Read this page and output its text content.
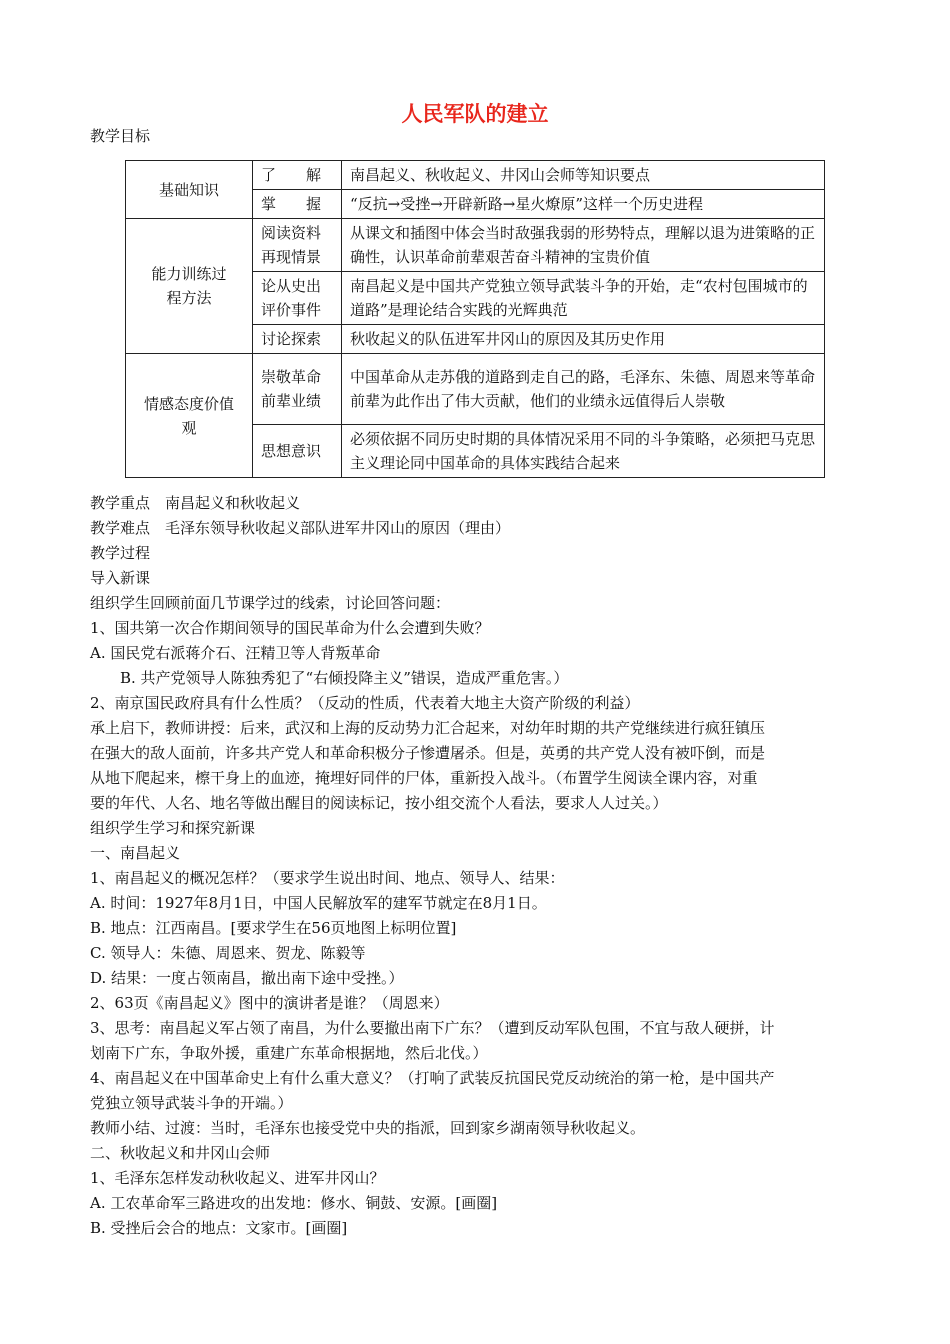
人民军队的建立
教学目标
基础知识	了　　解	南昌起义、秋收起义、井冈山会师等知识要点
	掌　　握	“反抗→受挫→开辟新路→星火燎原”这样一个历史进程
能力训练过程方法	阅读资料再现情景	从课文和插图中体会当时敌强我弱的形势特点，理解以退为进策略的正确性，认识革命前辈艰苦奋斗精神的宝贵价值
	论从史出评价事件	南昌起义是中国共产党独立领导武装斗争的开始，走“农村包围城市的道路”是理论结合实践的光辉典范
	讨论探索	秋收起义的队伍进军井冈山的原因及其历史作用
情感态度价值观	崇敬革命前辈业绩	中国革命从走苏俄的道路到走自己的路，毛泽东、朱德、周恩来等革命前辈为此作出了伟大贡献，他们的业绩永远值得后人崇敬
	思想意识	必须依据不同历史时期的具体情况采用不同的斗争策略，必须把马克思主义理论同中国革命的具体实践结合起来
教学重点　南昌起义和秋收起义
教学难点　毛泽东领导秋收起义部队进军井冈山的原因（理由）
教学过程
导入新课
组织学生回顾前面几节课学过的线索，讨论回答问题：
1、国共第一次合作期间领导的国民革命为什么会遭到失败？
A. 国民党右派蒋介石、汪精卫等人背叛革命
B. 共产党领导人陈独秀犯了“右倾投降主义”错误，造成严重危害。）
2、南京国民政府具有什么性质？（反动的性质，代表着大地主大资产阶级的利益）
承上启下，教师讲授：后来，武汉和上海的反动势力汇合起来，对幼年时期的共产党继续进行疯狂镇压
在强大的敌人面前，许多共产党人和革命积极分子惨遭屠杀。但是，英勇的共产党人没有被吓倒，而是
从地下爬起来，檫干身上的血迹，掩埋好同伴的尸体，重新投入战斗。（布置学生阅读全课内容，对重
要的年代、人名、地名等做出醒目的阅读标记，按小组交流个人看法，要求人人过关。）
组织学生学习和探究新课
一、南昌起义
1、南昌起义的概况怎样？（要求学生说出时间、地点、领导人、结果：
A. 时间：1927年8月1日，中国人民解放军的建军节就定在8月1日。
B. 地点：江西南昌。[要求学生在56页地图上标明位置]
C. 领导人：朱德、周恩来、贺龙、陈毅等
D. 结果：一度占领南昌，撤出南下途中受挫。）
2、63页《南昌起义》图中的演讲者是谁？（周恩来）
3、思考：南昌起义军占领了南昌，为什么要撤出南下广东？（遭到反动军队包围，不宜与敌人硬拼，计
划南下广东，争取外援，重建广东革命根据地，然后北伐。）
4、南昌起义在中国革命史上有什么重大意义？（打响了武装反抗国民党反动统治的第一枪，是中国共产
党独立领导武装斗争的开端。）
教师小结、过渡：当时，毛泽东也接受党中央的指派，回到家乡湖南领导秋收起义。
二、秋收起义和井冈山会师
1、毛泽东怎样发动秋收起义、进军井冈山？
A. 工农革命军三路进攻的出发地：修水、铜鼓、安源。[画圈]
B. 受挫后会合的地点：文家市。[画圈]
